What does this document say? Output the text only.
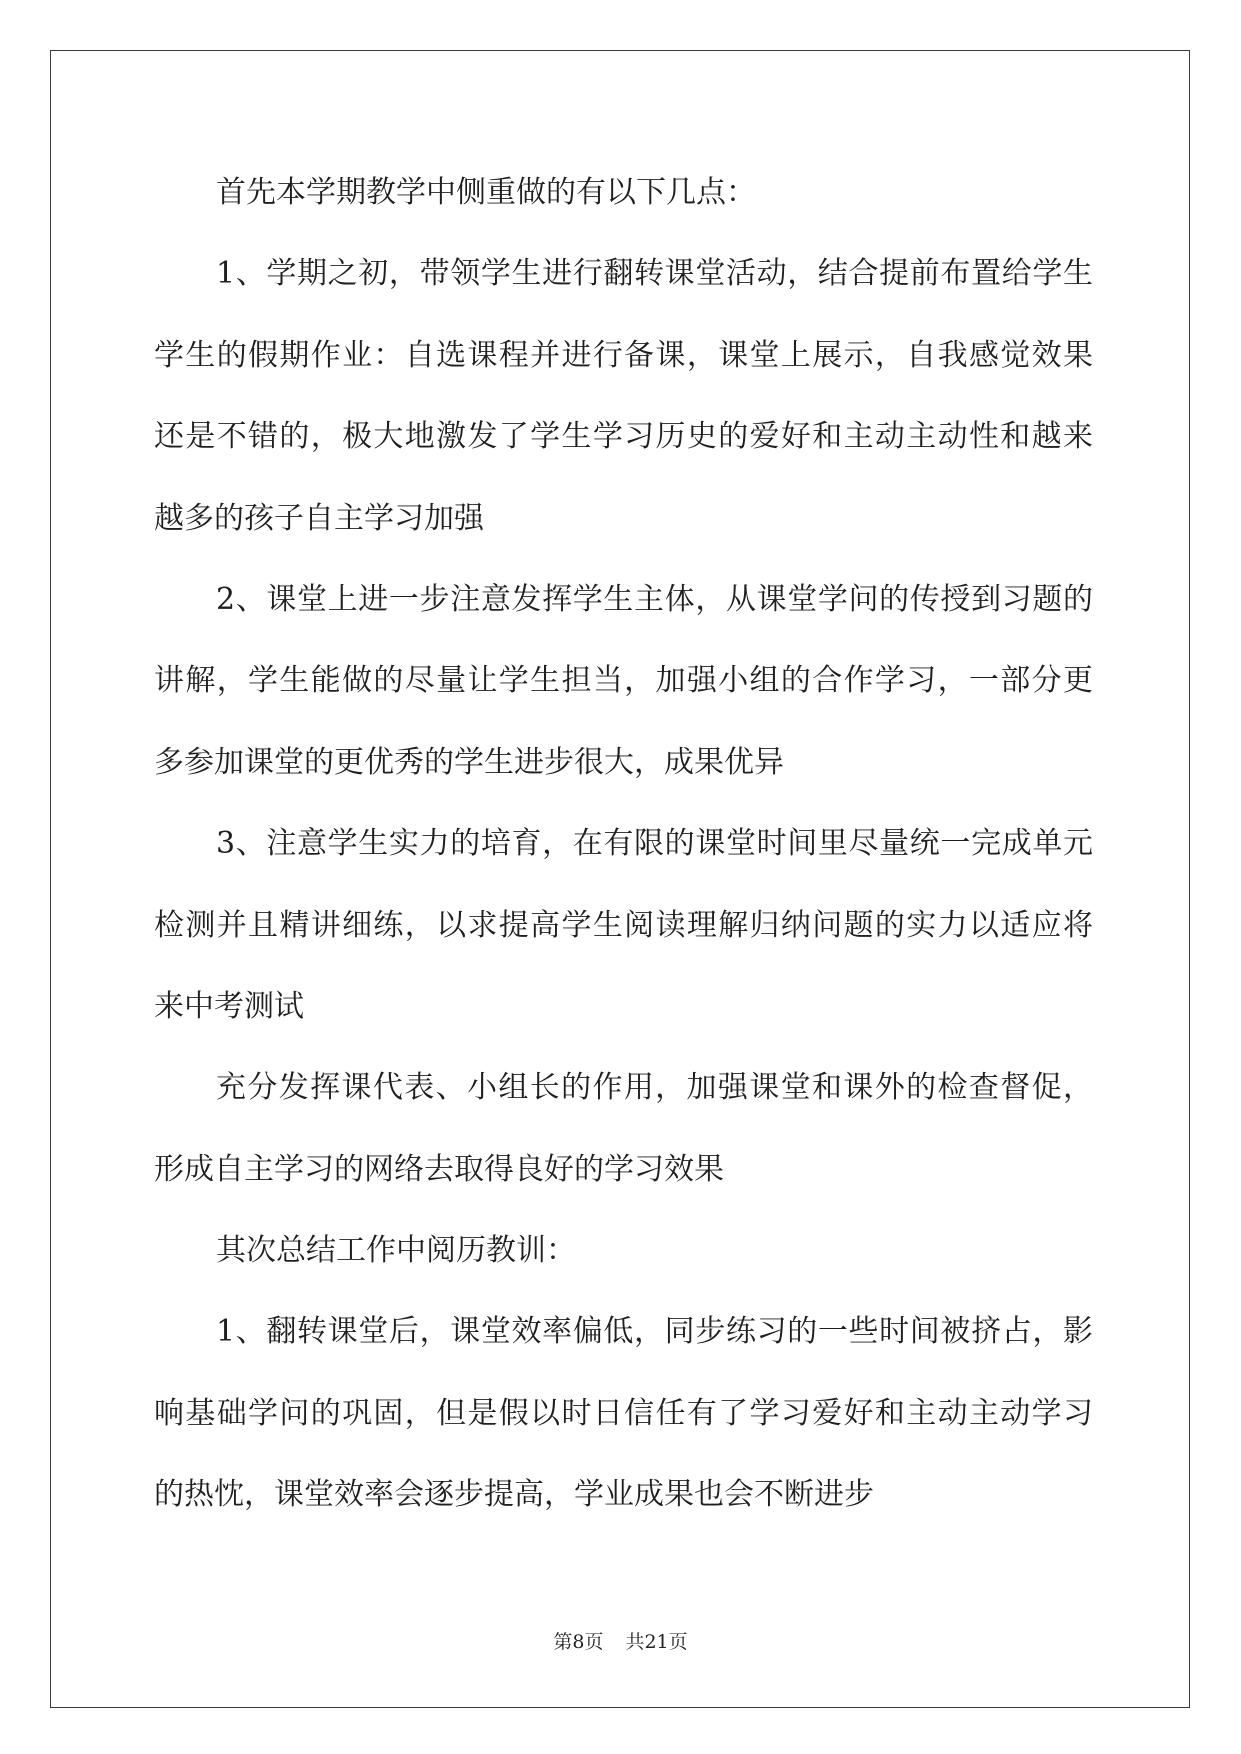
首先本学期教学中侧重做的有以下几点：
1、学期之初，带领学生进行翻转课堂活动，结合提前布置给学生
学生的假期作业：自选课程并进行备课，课堂上展示，自我感觉效果
还是不错的，极大地激发了学生学习历史的爱好和主动主动性和越来
越多的孩子自主学习加强
2、课堂上进一步注意发挥学生主体，从课堂学问的传授到习题的
讲解，学生能做的尽量让学生担当，加强小组的合作学习，一部分更
多参加课堂的更优秀的学生进步很大，成果优异
3、注意学生实力的培育，在有限的课堂时间里尽量统一完成单元
检测并且精讲细练，以求提高学生阅读理解归纳问题的实力以适应将
来中考测试
充分发挥课代表、小组长的作用，加强课堂和课外的检查督促，
形成自主学习的网络去取得良好的学习效果
其次总结工作中阅历教训：
1、翻转课堂后，课堂效率偏低，同步练习的一些时间被挤占，影
响基础学问的巩固，但是假以时日信任有了学习爱好和主动主动学习
的热忱，课堂效率会逐步提高，学业成果也会不断进步
第8页 共21页
